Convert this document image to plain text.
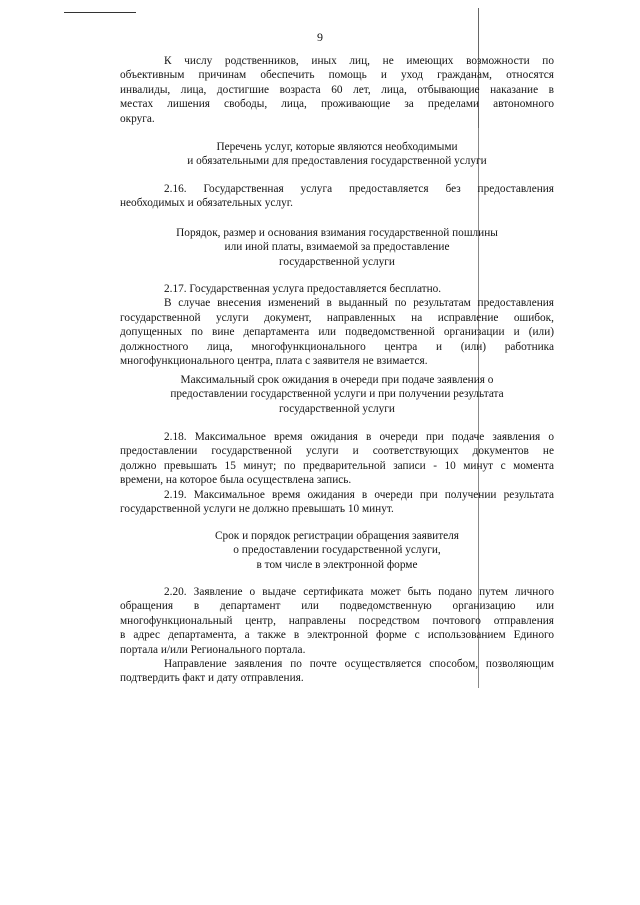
9
К числу родственников, иных лиц, не имеющих возможности по
объективным причинам обеспечить помощь и уход гражданам, относятся
инвалиды, лица, достигшие возраста 60 лет, лица, отбывающие наказание в
местах лишения свободы, лица, проживающие за пределами автономного
округа.
Перечень услуг, которые являются необходимыми
и обязательными для предоставления государственной услуги
2.16. Государственная услуга предоставляется без предоставления
необходимых и обязательных услуг.
Порядок, размер и основания взимания государственной пошлины
или иной платы, взимаемой за предоставление
государственной услуги
2.17. Государственная услуга предоставляется бесплатно.
В случае внесения изменений в выданный по результатам предоставления
государственной услуги документ, направленных на исправление ошибок,
допущенных по вине департамента или подведомственной организации и (или)
должностного лица, многофункционального центра и (или) работника
многофункционального центра, плата с заявителя не взимается.
Максимальный срок ожидания в очереди при подаче заявления о
предоставлении государственной услуги и при получении результата
государственной услуги
2.18. Максимальное время ожидания в очереди при подаче заявления о
предоставлении государственной услуги и соответствующих документов не
должно превышать 15 минут; по предварительной записи - 10 минут с момента
времени, на которое была осуществлена запись.
2.19. Максимальное время ожидания в очереди при получении результата
государственной услуги не должно превышать 10 минут.
Срок и порядок регистрации обращения заявителя
о предоставлении государственной услуги,
в том числе в электронной форме
2.20. Заявление о выдаче сертификата может быть подано путем личного
обращения в департамент или подведомственную организацию или
многофункциональный центр, направлены посредством почтового отправления
в адрес департамента, а также в электронной форме с использованием Единого
портала и/или Регионального портала.
Направление заявления по почте осуществляется способом, позволяющим
подтвердить факт и дату отправления.
